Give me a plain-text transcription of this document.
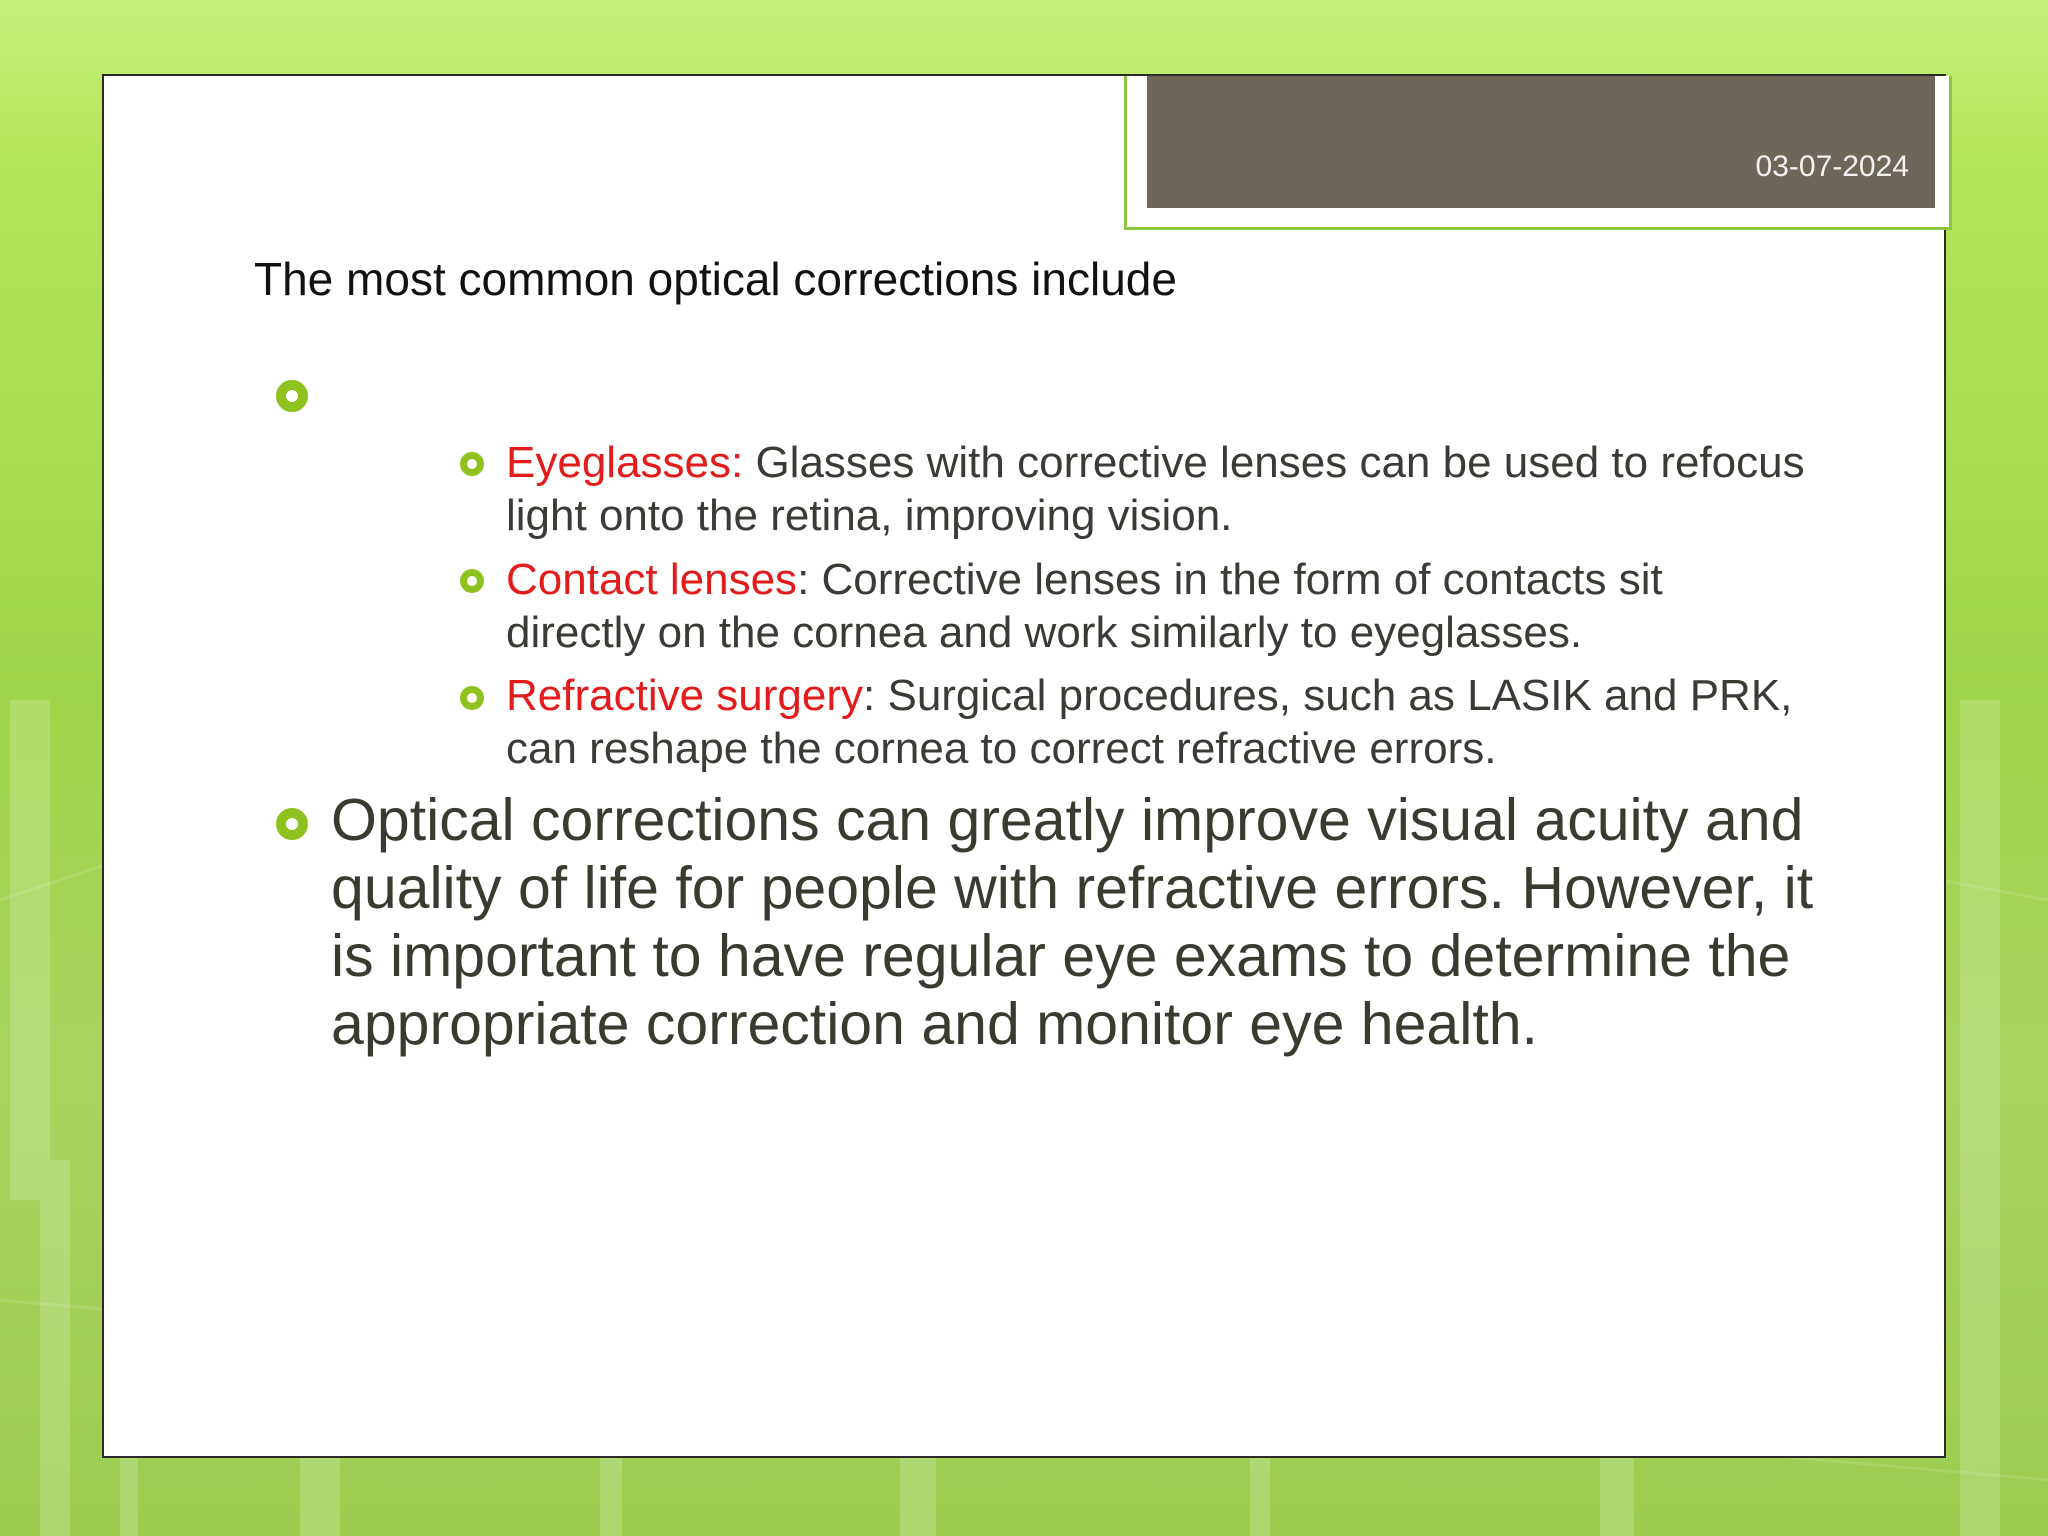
03-07-2024
The most common optical corrections include
Eyeglasses: Glasses with corrective lenses can be used to refocus light onto the retina, improving vision.
Contact lenses: Corrective lenses in the form of contacts sit directly on the cornea and work similarly to eyeglasses.
Refractive surgery: Surgical procedures, such as LASIK and PRK, can reshape the cornea to correct refractive errors.
Optical corrections can greatly improve visual acuity and quality of life for people with refractive errors. However, it is important to have regular eye exams to determine the appropriate correction and monitor eye health.
